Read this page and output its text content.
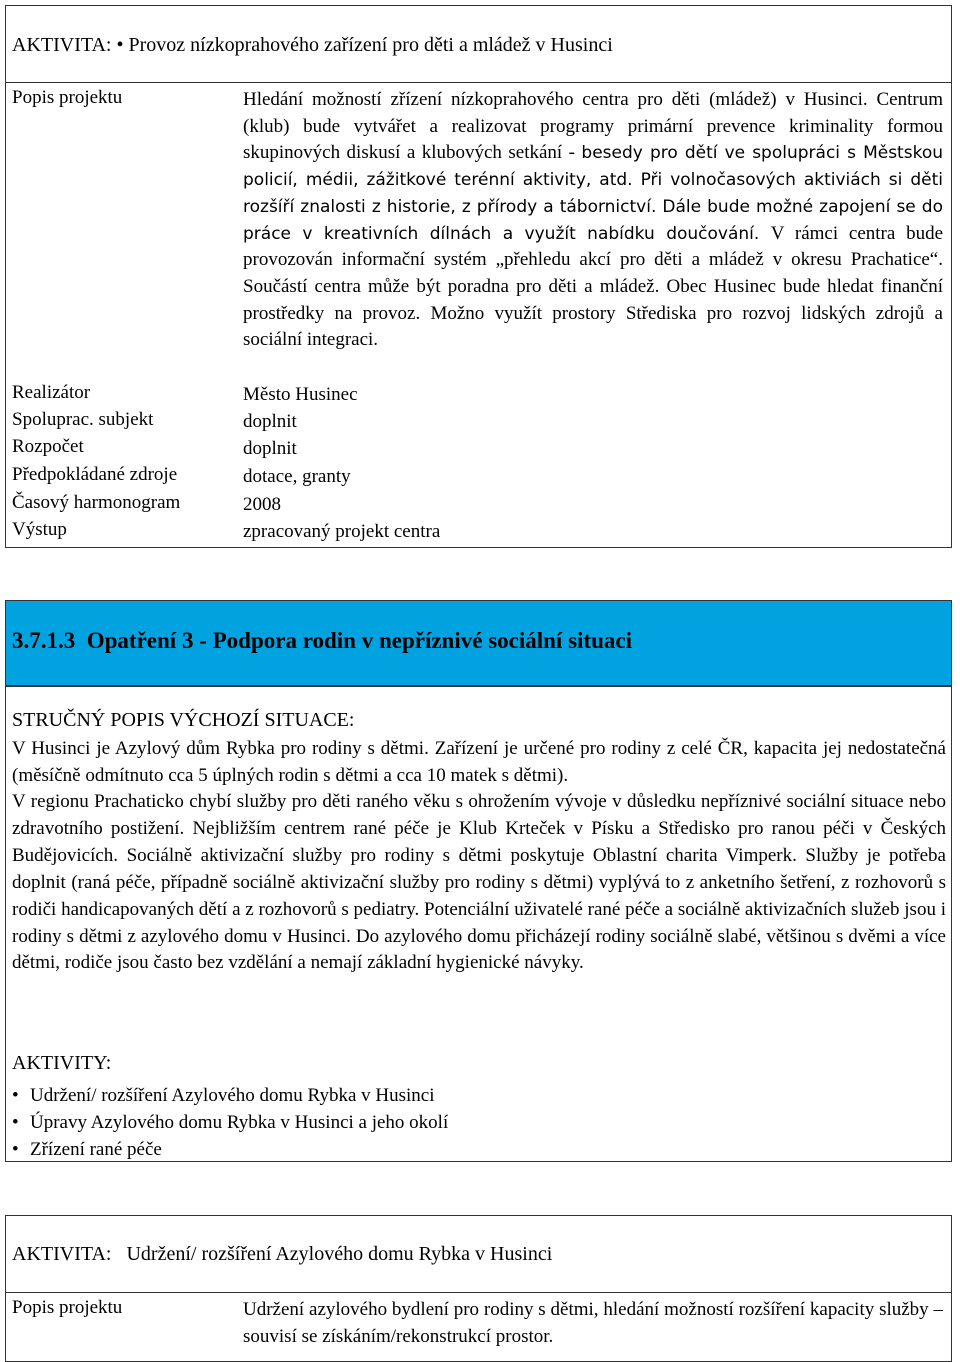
AKTIVITA: • Provoz nízkoprahového zařízení pro děti a mládež v Husinci
Popis projektu	Hledání možností zřízení nízkoprahového centra pro děti (mládež) v Husinci. Centrum (klub) bude vytvářet a realizovat programy primární prevence kriminality formou skupinových diskusí a klubových setkání - besedy pro dětí ve spolupráci s Městskou policií, médii, zážitkové terénní aktivity, atd. Při volnočasových aktiviách si děti rozšíří znalosti z historie, z přírody a tábornictví. Dále bude možné zapojení se do práce v kreativních dílnách a využít nabídku doučování. V rámci centra bude provozován informační systém „přehledu akcí pro děti a mládež v okresu Prachatice“. Součástí centra může být poradna pro děti a mládež. Obec Husinec bude hledat finanční prostředky na provoz. Možno využít prostory Střediska pro rozvoj lidských zdrojů a sociální integraci.
Realizátor	Město Husinec
Spoluprac. subjekt	doplnit
Rozpočet	doplnit
Předpokládané zdroje	dotace, granty
Časový harmonogram	2008
Výstup	zpracovaný projekt centra
3.7.1.3 Opatření 3 - Podpora rodin v nepříznivé sociální situaci
STRUČNÝ POPIS VÝCHOZÍ SITUACE:
V Husinci je Azylový dům Rybka pro rodiny s dětmi. Zařízení je určené pro rodiny z celé ČR, kapacita jej nedostatečná (měsíčně odmítnuto cca 5 úplných rodin s dětmi a cca 10 matek s dětmi).
V regionu Prachaticko chybí služby pro děti raného věku s ohrožením vývoje v důsledku nepříznivé sociální situace nebo zdravotního postižení. Nejbližším centrem rané péče je Klub Krteček v Písku a Středisko pro ranou péči v Českých Budějovicích. Sociálně aktivizační služby pro rodiny s dětmi poskytuje Oblastní charita Vimperk. Služby je potřeba doplnit (raná péče, případně sociálně aktivizační služby pro rodiny s dětmi) vyplývá to z anketního šetření, z rozhovorů s rodiči handicapovaných dětí a z rozhovorů s pediatry. Potenciální uživatelé rané péče a sociálně aktivizačních služeb jsou i rodiny s dětmi z azylového domu v Husinci. Do azylového domu přicházejí rodiny sociálně slabé, většinou s dvěmi a více dětmi, rodiče jsou často bez vzdělání a nemají základní hygienické návyky.
AKTIVITY:
• Udržení/ rozšíření Azylového domu Rybka v Husinci
• Úpravy Azylového domu Rybka v Husinci a jeho okolí
• Zřízení rané péče
AKTIVITA: Udržení/ rozšíření Azylového domu Rybka v Husinci
Popis projektu	Udržení azylového bydlení pro rodiny s dětmi, hledání možností rozšíření kapacity služby – souvisí se získáním/rekonstrukcí prostor.
